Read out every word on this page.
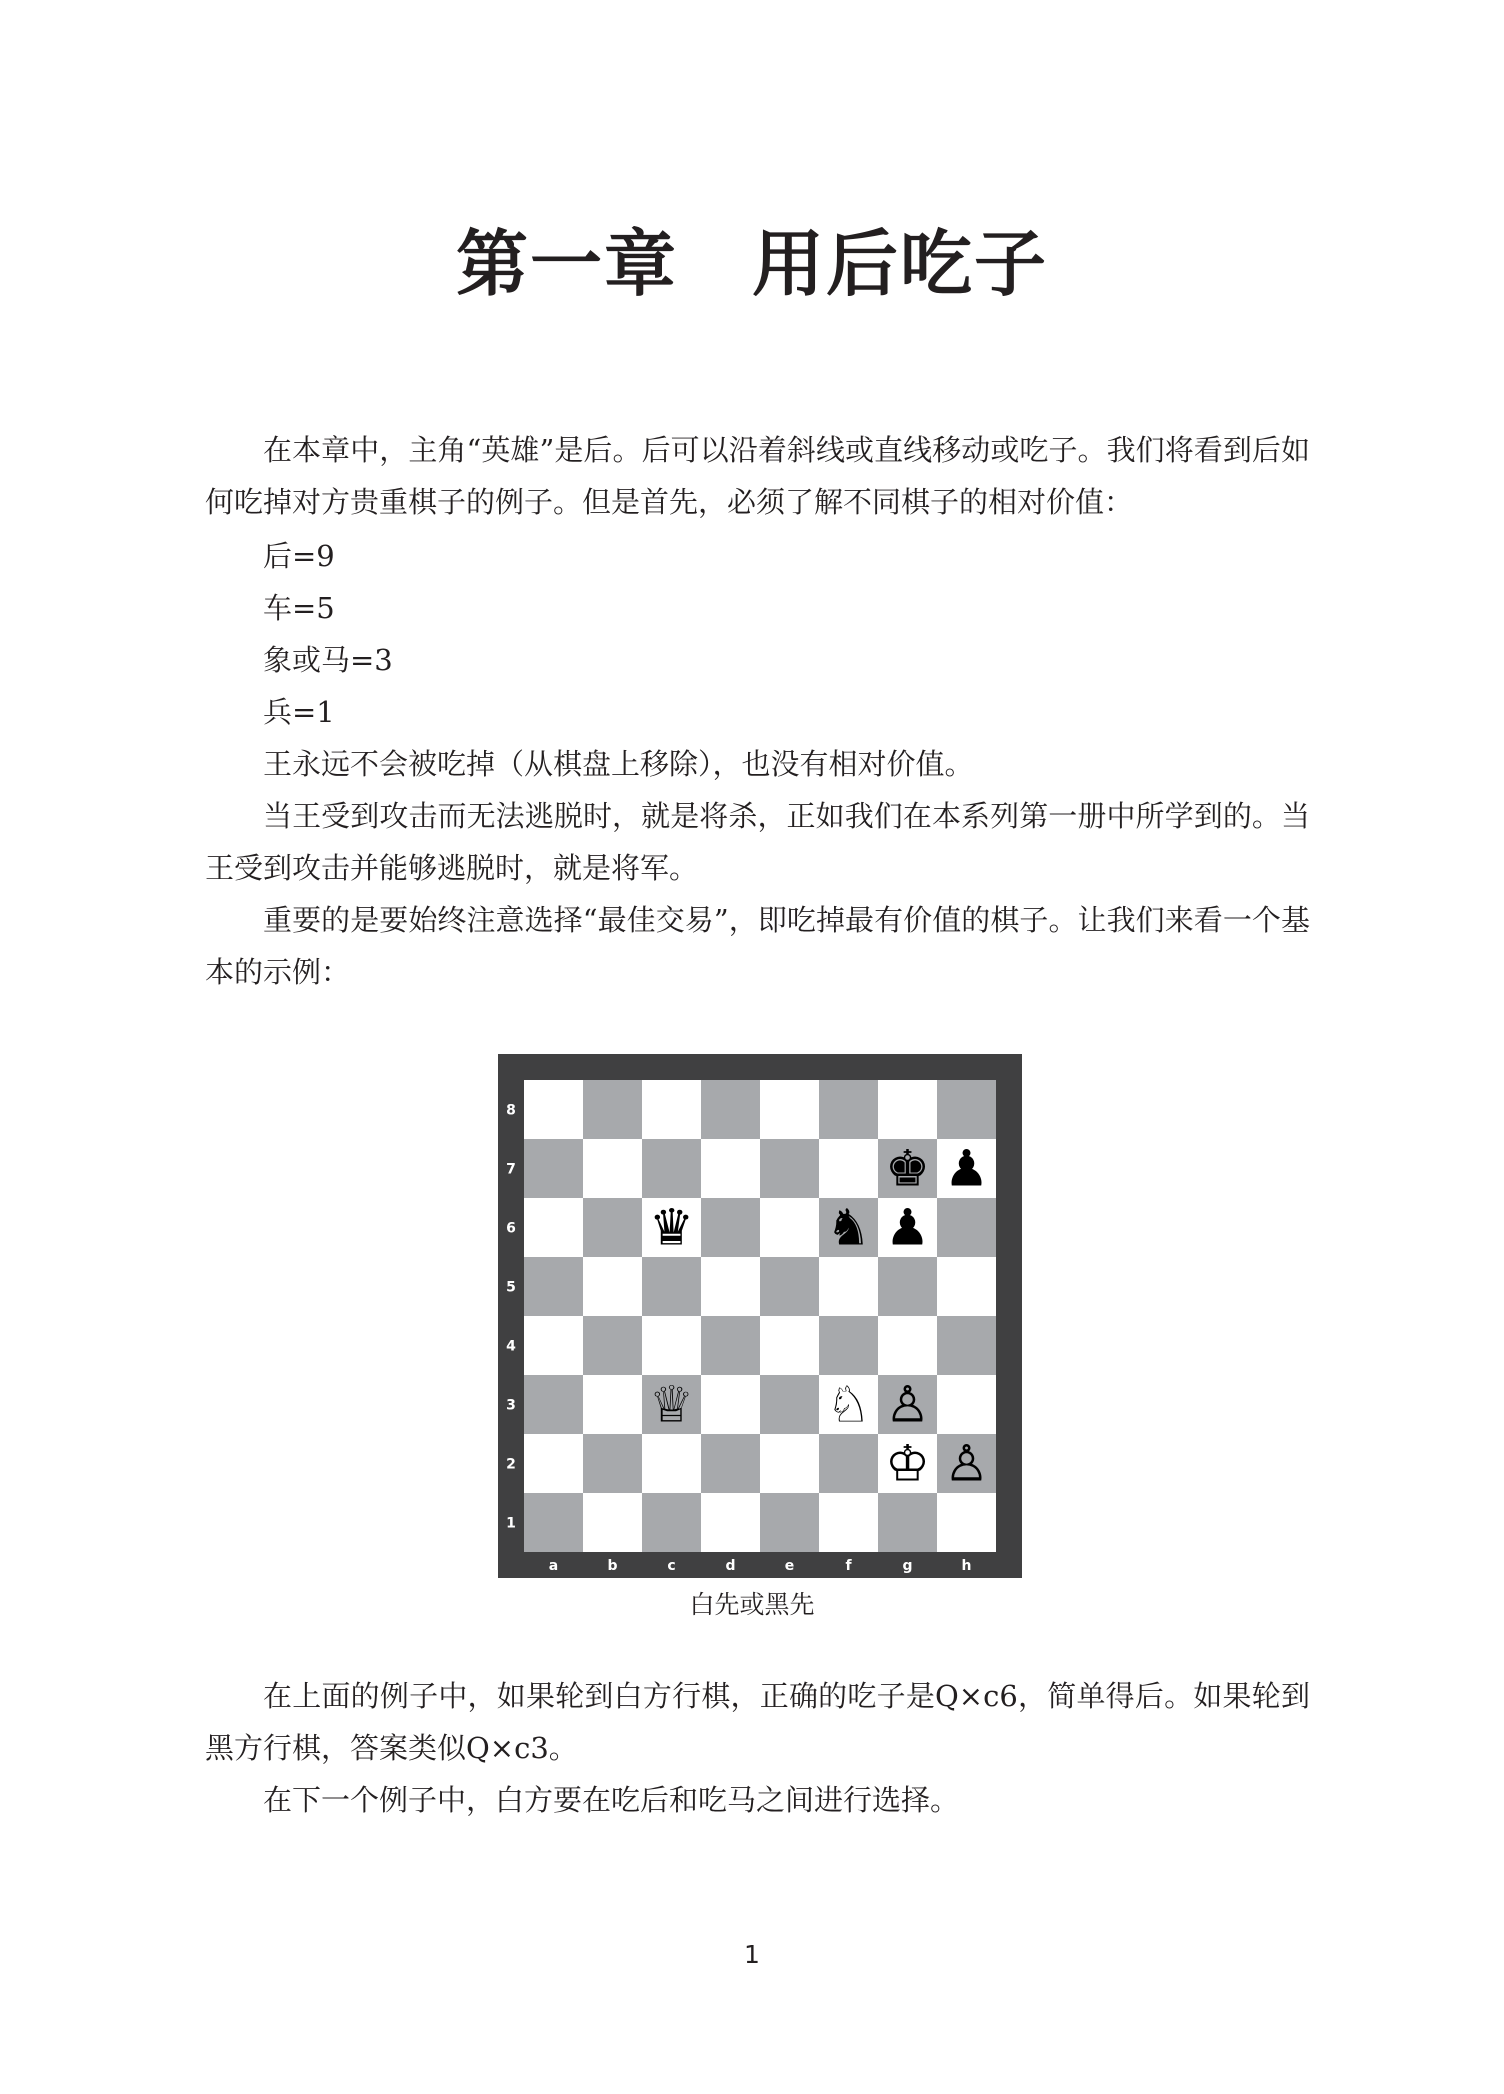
第一章　用后吃子

在本章中，主角“英雄”是后。后可以沿着斜线或直线移动或吃子。我们将看到后如何吃掉对方贵重棋子的例子。但是首先，必须了解不同棋子的相对价值：

后=9

车=5

象或马=3

兵=1

王永远不会被吃掉（从棋盘上移除），也没有相对价值。

当王受到攻击而无法逃脱时，就是将杀，正如我们在本系列第一册中所学到的。当王受到攻击并能够逃脱时，就是将军。

重要的是要始终注意选择“最佳交易”，即吃掉最有价值的棋子。让我们来看一个基本的示例：

8
7
6
5
4
3
2
1
a	b	c	d	e	f	g	h
♚ ♟
♛	♞ ♟
♕	♘ ♙
♔ ♙

白先或黑先

在上面的例子中，如果轮到白方行棋，正确的吃子是Q×c6，简单得后。如果轮到黑方行棋，答案类似Q×c3。

在下一个例子中，白方要在吃后和吃马之间进行选择。

1
